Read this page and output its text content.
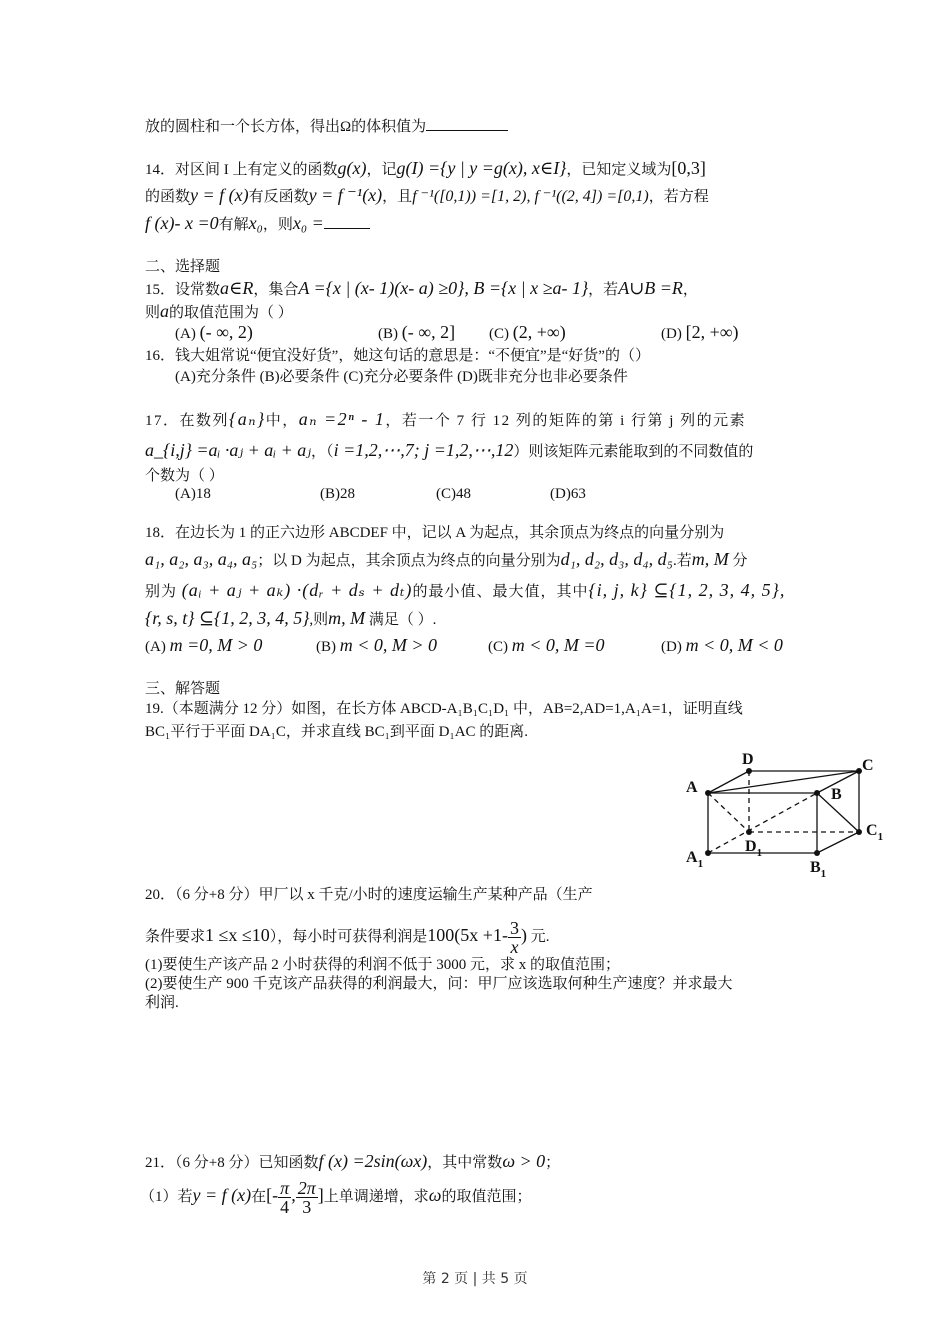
放的圆柱和一个长方体，得出Ω的体积值为
14．对区间 I 上有定义的函数g(x)，记g(I) ={y | y =g(x), x∈I}，已知定义域为[0,3]
的函数y = f (x)有反函数y = f ⁻¹(x)，且f ⁻¹([0,1)) =[1, 2), f ⁻¹((2, 4]) =[0,1)，若方程
f (x)- x =0有解x₀，则x₀ =
二、选择题
15．设常数a∈R，集合A ={x | (x- 1)(x- a) ≥0}, B ={x | x ≥a- 1}，若A∪B =R，
则a的取值范围为（ ）
(A) (- ∞, 2)	(B) (- ∞, 2] (C) (2, +∞)	(D) [2, +∞)
16．钱大姐常说“便宜没好货”，她这句话的意思是：“不便宜”是“好货”的（）
(A)充分条件 (B)必要条件 (C)充分必要条件 (D)既非充分也非必要条件
17．在数列{aₙ}中，aₙ =2ⁿ - 1，若一个 7 行 12 列的矩阵的第 i 行第 j 列的元素
a_{i,j} =aᵢ ·aⱼ + aᵢ + aⱼ，（i =1,2,⋯,7; j =1,2,⋯,12）则该矩阵元素能取到的不同数值的
个数为（ ）
(A)18	(B)28	(C)48	(D)63
18．在边长为 1 的正六边形 ABCDEF 中，记以 A 为起点，其余顶点为终点的向量分别为
a₁, a₂, a₃, a₄, a₅；以 D 为起点，其余顶点为终点的向量分别为d₁, d₂, d₃, d₄, d₅.若m, M 分
别为 (aᵢ + aⱼ + aₖ) ·(dᵣ + dₛ + dₜ)的最小值、最大值，其中{i, j, k} ⊆{1, 2, 3, 4, 5},
{r, s, t} ⊆{1, 2, 3, 4, 5},则m, M 满足（ ）.
(A) m =0, M > 0	(B) m < 0, M > 0	(C) m < 0, M =0	(D) m < 0, M < 0
三、解答题
19.（本题满分 12 分）如图，在长方体 ABCD-A₁B₁C₁D₁ 中，AB=2,AD=1,A₁A=1，证明直线
BC₁平行于平面 DA₁C，并求直线 BC₁到平面 D₁AC 的距离.
D	C
A	B
$C_1$
$D_1$
$A_1$	$B_1$
20．（6 分+8 分）甲厂以 x 千克/小时的速度运输生产某种产品（生产
条件要求1 ≤x ≤10），每小时可获得利润是$100(5x +1- \frac{3}{x}$ ) 元.
(1)要使生产该产品 2 小时获得的利润不低于 3000 元，求 x 的取值范围；
(2)要使生产 900 千克该产品获得的利润最大，问：甲厂应该选取何种生产速度？并求最大
利润.
21．（6 分+8 分）已知函数f (x) =2sin(ωx)，其中常数ω > 0；
（1）若y = f (x)在[- $\frac{\pi}{4}$ , $\frac{2\pi}{3}$ ]上单调递增，求ω的取值范围；
第 2 页 | 共 5 页
